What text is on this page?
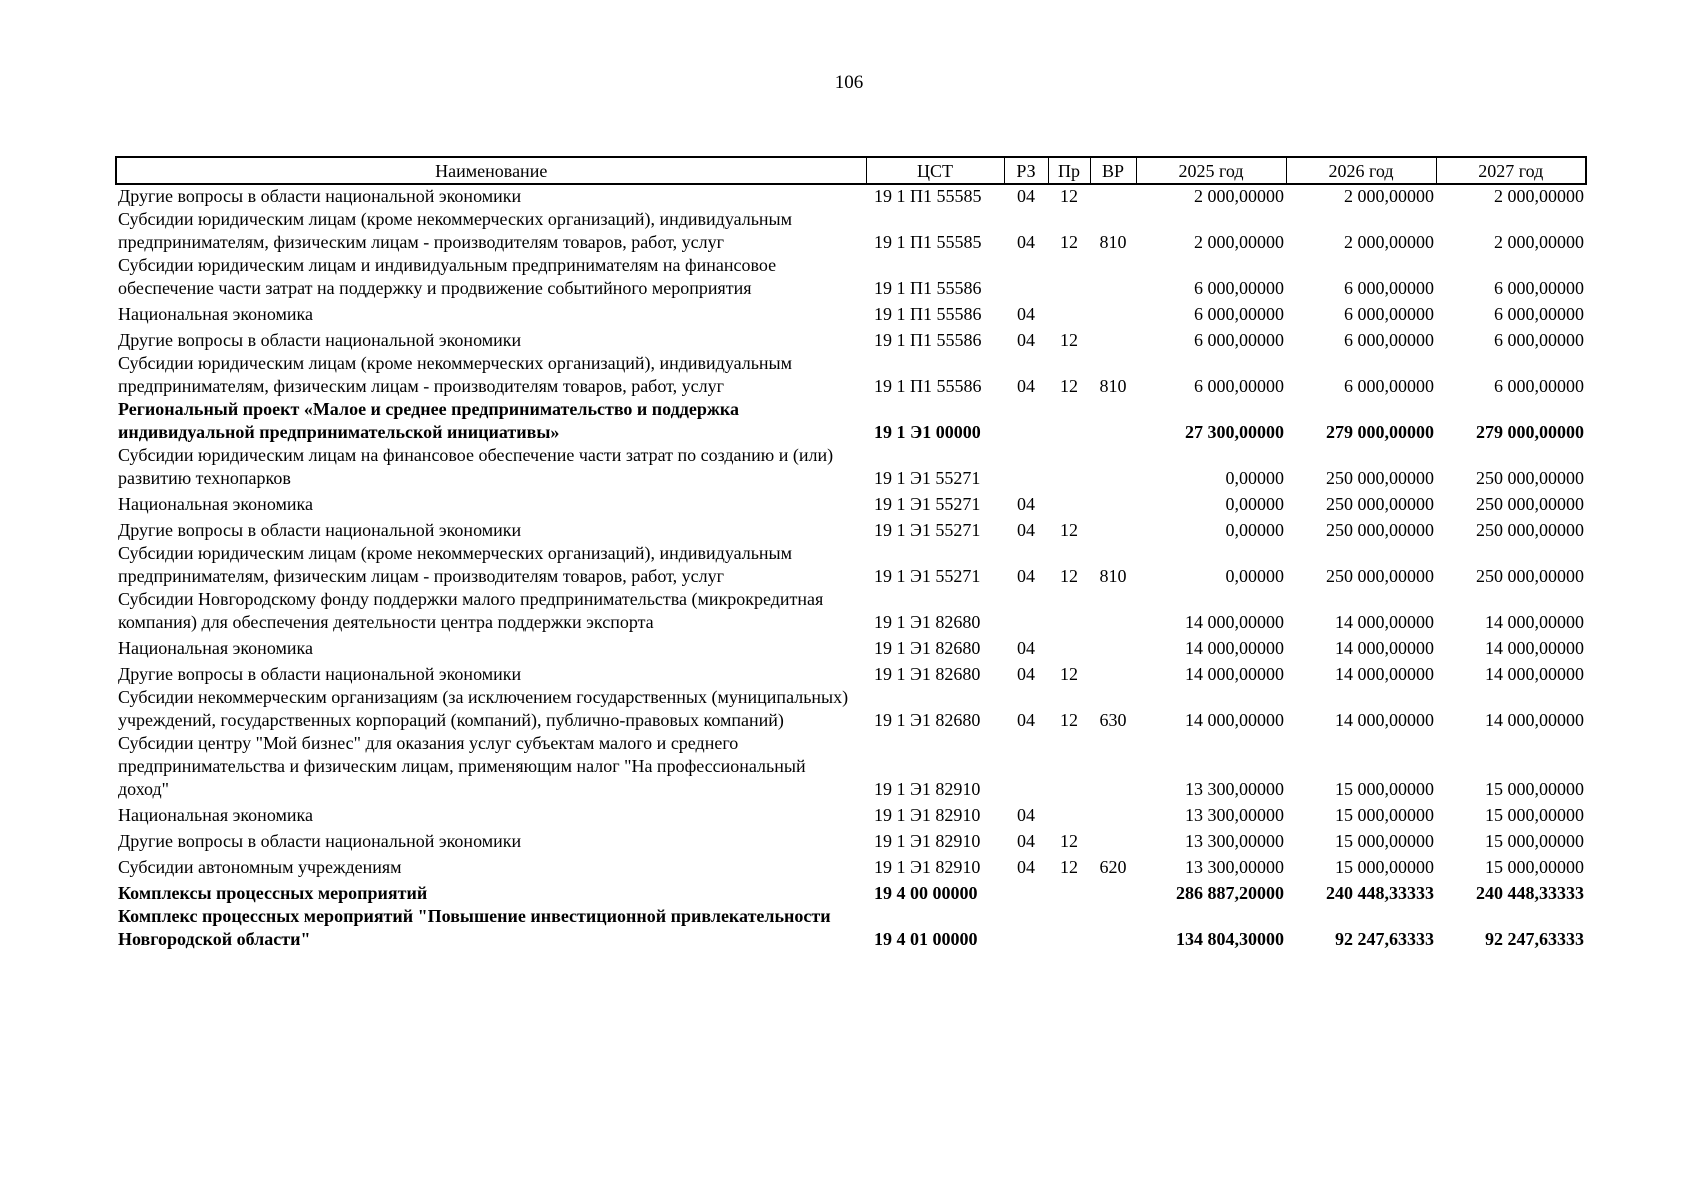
106
Наименование	ЦСТ	РЗ	Пр	ВР	2025 год	2026 год	2027 год
Другие вопросы в области национальной экономики	19 1 П1 55585	04	12		2 000,00000	2 000,00000	2 000,00000
Субсидии юридическим лицам (кроме некоммерческих организаций), индивидуальным предпринимателям, физическим лицам - производителям товаров, работ, услуг	19 1 П1 55585	04	12	810	2 000,00000	2 000,00000	2 000,00000
Субсидии юридическим лицам и индивидуальным предпринимателям на финансовое обеспечение части затрат на поддержку и продвижение событийного мероприятия	19 1 П1 55586				6 000,00000	6 000,00000	6 000,00000
Национальная экономика	19 1 П1 55586	04			6 000,00000	6 000,00000	6 000,00000
Другие вопросы в области национальной экономики	19 1 П1 55586	04	12		6 000,00000	6 000,00000	6 000,00000
Субсидии юридическим лицам (кроме некоммерческих организаций), индивидуальным предпринимателям, физическим лицам - производителям товаров, работ, услуг	19 1 П1 55586	04	12	810	6 000,00000	6 000,00000	6 000,00000
Региональный проект «Малое и среднее предпринимательство и поддержка индивидуальной предпринимательской инициативы»	19 1 Э1 00000				27 300,00000	279 000,00000	279 000,00000
Субсидии юридическим лицам на финансовое обеспечение части затрат по созданию и (или) развитию технопарков	19 1 Э1 55271				0,00000	250 000,00000	250 000,00000
Национальная экономика	19 1 Э1 55271	04			0,00000	250 000,00000	250 000,00000
Другие вопросы в области национальной экономики	19 1 Э1 55271	04	12		0,00000	250 000,00000	250 000,00000
Субсидии юридическим лицам (кроме некоммерческих организаций), индивидуальным предпринимателям, физическим лицам - производителям товаров, работ, услуг	19 1 Э1 55271	04	12	810	0,00000	250 000,00000	250 000,00000
Субсидии Новгородскому фонду поддержки малого предпринимательства (микрокредитная компания) для обеспечения деятельности центра поддержки экспорта	19 1 Э1 82680				14 000,00000	14 000,00000	14 000,00000
Национальная экономика	19 1 Э1 82680	04			14 000,00000	14 000,00000	14 000,00000
Другие вопросы в области национальной экономики	19 1 Э1 82680	04	12		14 000,00000	14 000,00000	14 000,00000
Субсидии некоммерческим организациям (за исключением государственных (муниципальных) учреждений, государственных корпораций (компаний), публично-правовых компаний)	19 1 Э1 82680	04	12	630	14 000,00000	14 000,00000	14 000,00000
Субсидии центру "Мой бизнес" для оказания услуг субъектам малого и среднего предпринимательства и физическим лицам, применяющим налог "На профессиональный доход"	19 1 Э1 82910				13 300,00000	15 000,00000	15 000,00000
Национальная экономика	19 1 Э1 82910	04			13 300,00000	15 000,00000	15 000,00000
Другие вопросы в области национальной экономики	19 1 Э1 82910	04	12		13 300,00000	15 000,00000	15 000,00000
Субсидии автономным учреждениям	19 1 Э1 82910	04	12	620	13 300,00000	15 000,00000	15 000,00000
Комплексы процессных мероприятий	19 4 00 00000				286 887,20000	240 448,33333	240 448,33333
Комплекс процессных мероприятий "Повышение инвестиционной привлекательности Новгородской области"	19 4 01 00000				134 804,30000	92 247,63333	92 247,63333
